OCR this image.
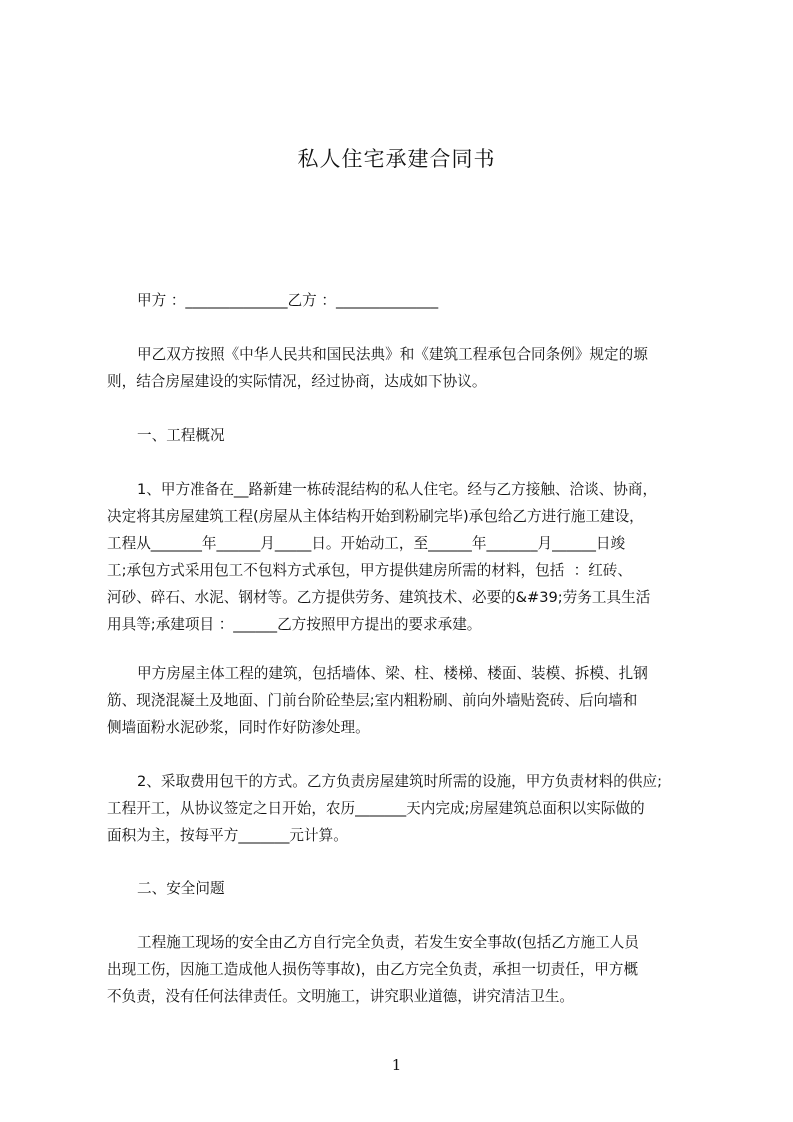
私人住宅承建合同书
甲方 ：______________乙方 ：______________
甲乙双方按照《中华人民共和国民法典》和《建筑工程承包合同条例》规定的塬
则，结合房屋建设的实际情况，经过协商，达成如下协议。
一、工程概况
1、甲方准备在__路新建一栋砖混结构的私人住宅。经与乙方接触、洽谈、协商，
决定将其房屋建筑工程(房屋从主体结构开始到粉刷完毕)承包给乙方进行施工建设，
工程从_______年______月_____日。开始动工，至______年_______月______日竣
工;承包方式采用包工不包料方式承包，甲方提供建房所需的材料，包括  ：红砖、
河砂、碎石、水泥、钢材等。乙方提供劳务、建筑技术、必要的&#39;劳务工具生活
用具等;承建项目 ：______乙方按照甲方提出的要求承建。
甲方房屋主体工程的建筑，包括墙体、梁、柱、楼梯、楼面、装模、拆模、扎钢
筋、现浇混凝土及地面、门前台阶砼垫层;室内粗粉刷、前向外墙贴瓷砖、后向墙和
侧墙面粉水泥砂浆，同时作好防渗处理。
2、采取费用包干的方式。乙方负责房屋建筑时所需的设施，甲方负责材料的供应;
工程开工，从协议签定之日开始，农历_______天内完成;房屋建筑总面积以实际做的
面积为主，按每平方_______元计算。
二、安全问题
工程施工现场的安全由乙方自行完全负责，若发生安全事故(包括乙方施工人员
出现工伤，因施工造成他人损伤等事故)，由乙方完全负责，承担一切责任，甲方概
不负责，没有任何法律责任。文明施工，讲究职业道德，讲究清洁卫生。
1
